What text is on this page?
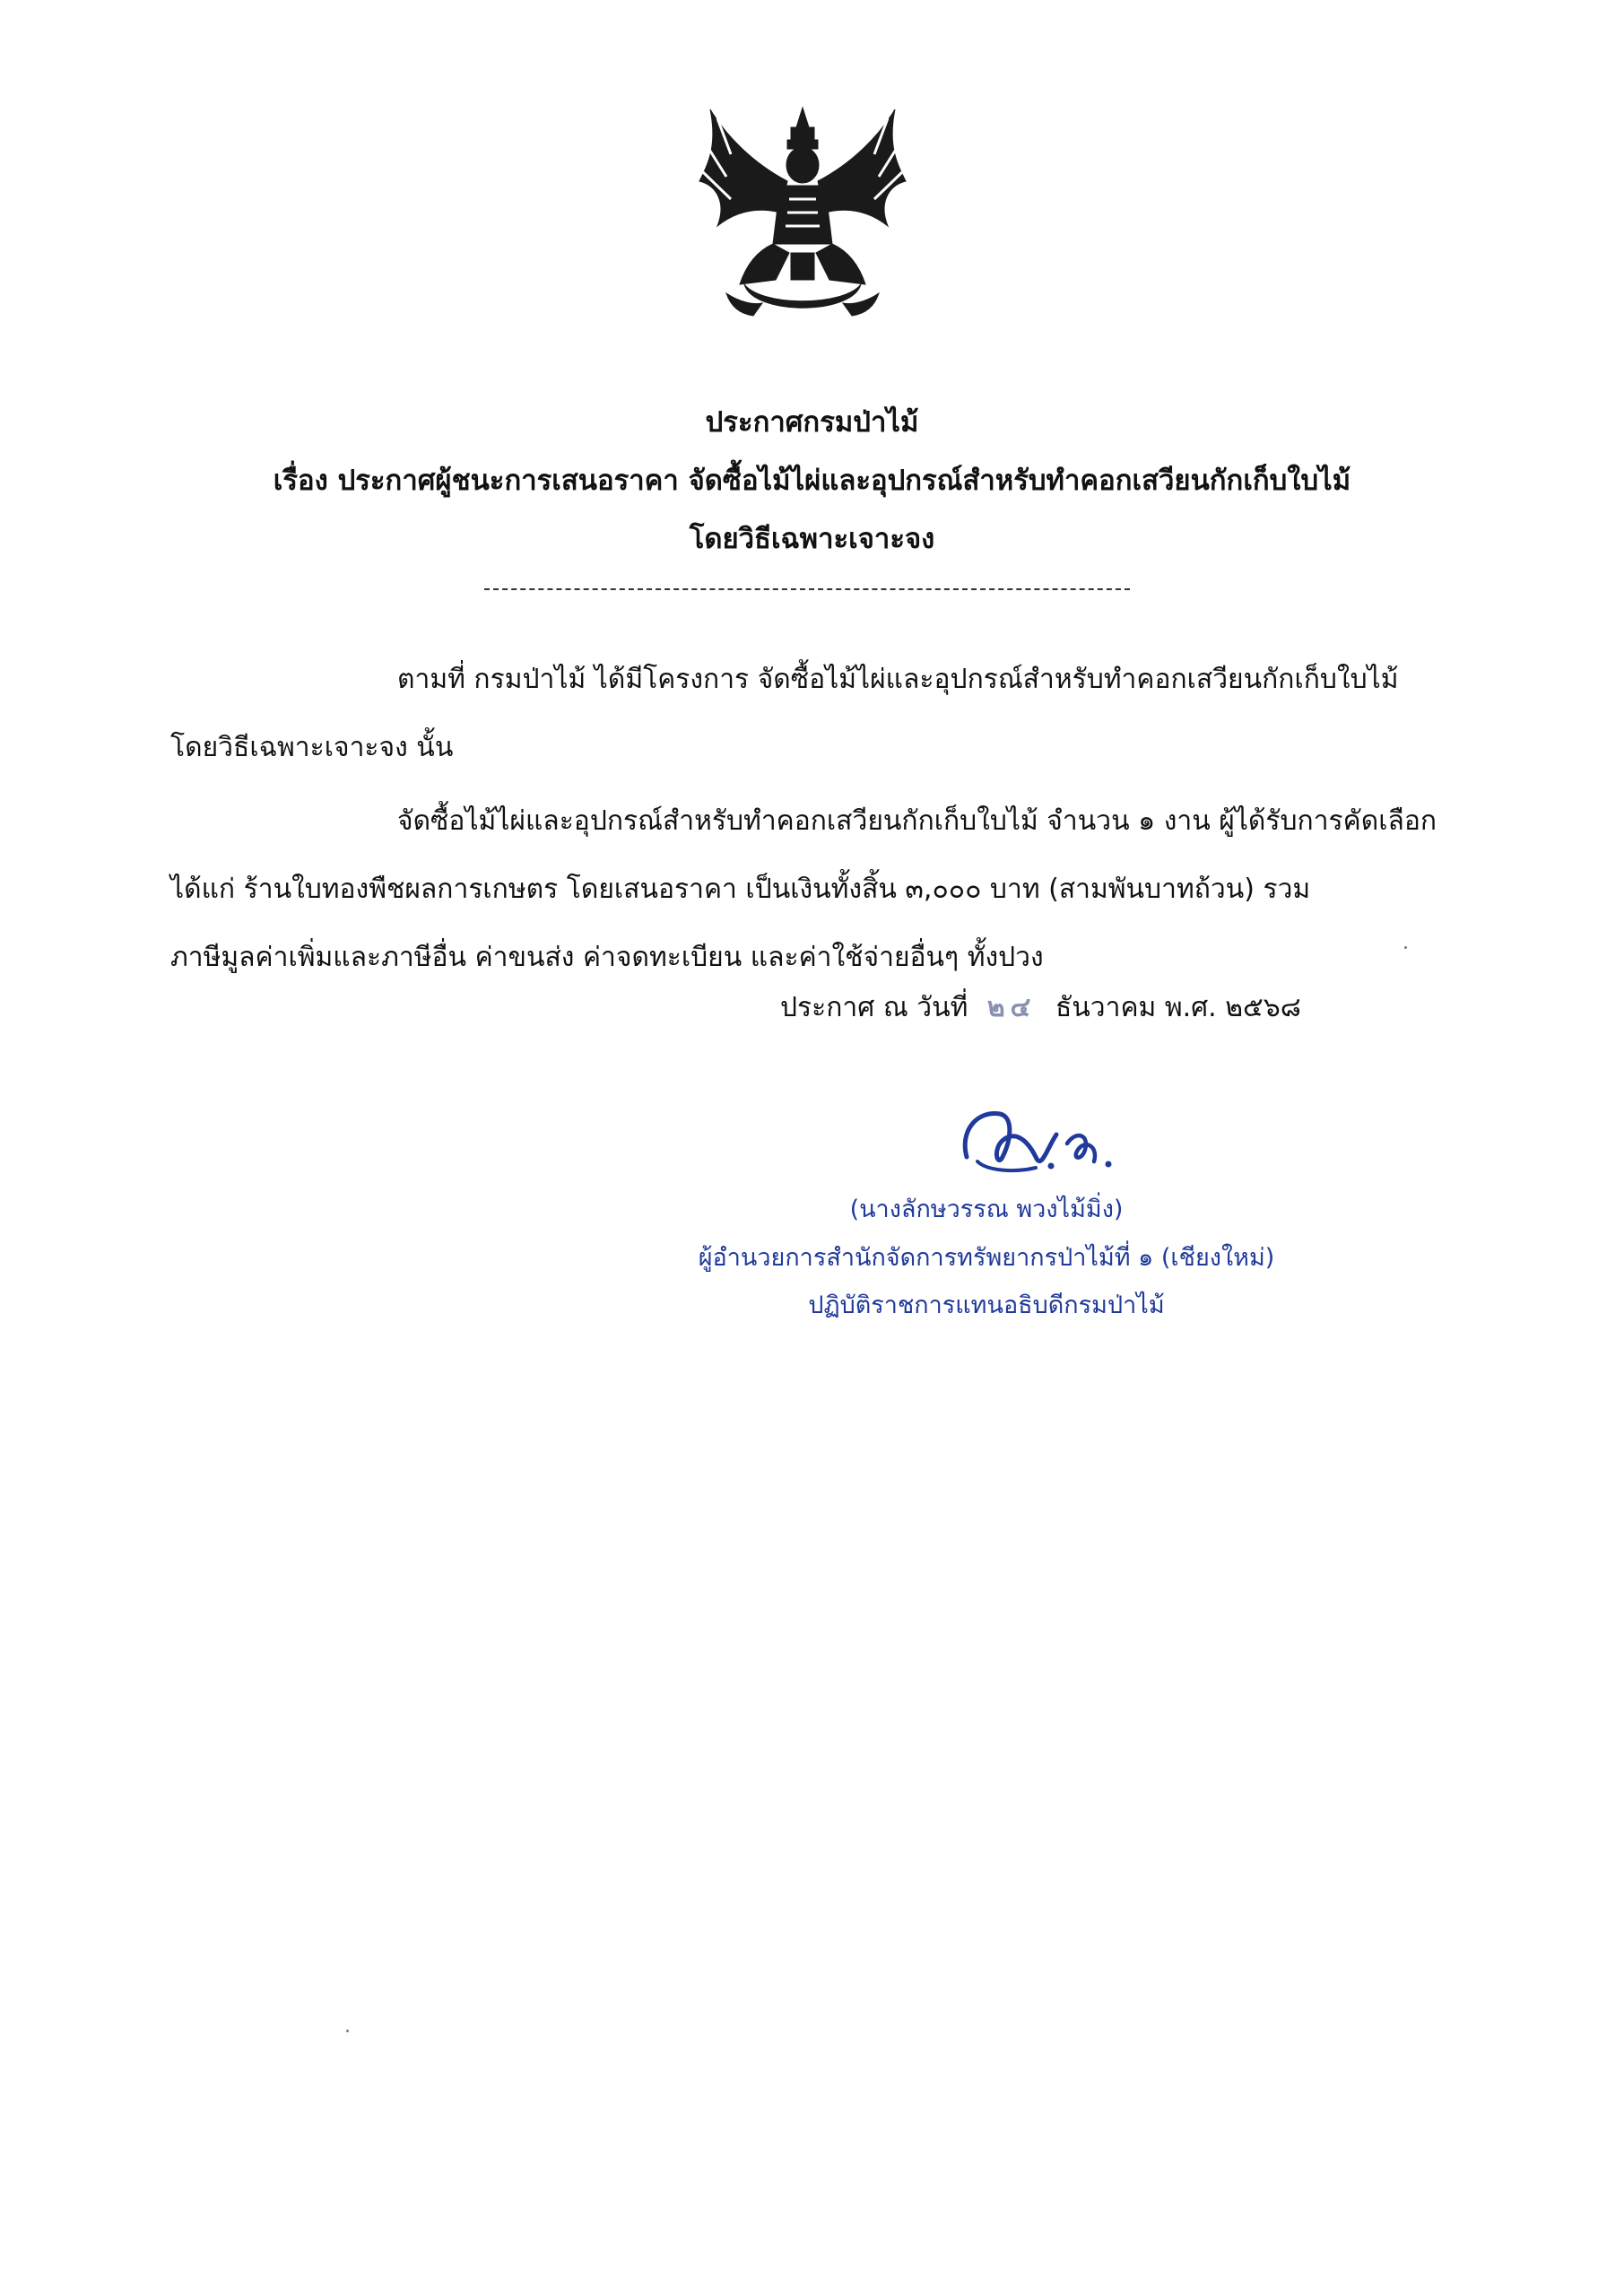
ประกาศกรมป่าไม้
เรื่อง ประกาศผู้ชนะการเสนอราคา จัดซื้อไม้ไผ่และอุปกรณ์สำหรับทำคอกเสวียนกักเก็บใบไม้
โดยวิธีเฉพาะเจาะจง
ตามที่ กรมป่าไม้ ได้มีโครงการ จัดซื้อไม้ไผ่และอุปกรณ์สำหรับทำคอกเสวียนกักเก็บใบไม้
โดยวิธีเฉพาะเจาะจง นั้น
จัดซื้อไม้ไผ่และอุปกรณ์สำหรับทำคอกเสวียนกักเก็บใบไม้ จำนวน ๑ งาน ผู้ได้รับการคัดเลือก
ได้แก่ ร้านใบทองพืชผลการเกษตร โดยเสนอราคา เป็นเงินทั้งสิ้น ๓,๐๐๐ บาท (สามพันบาทถ้วน) รวม
ภาษีมูลค่าเพิ่มและภาษีอื่น ค่าขนส่ง ค่าจดทะเบียน และค่าใช้จ่ายอื่นๆ ทั้งปวง
ประกาศ ณ วันที่ ๒๔ ธันวาคม พ.ศ. ๒๕๖๘
(นางลักษวรรณ พวงไม้มิ่ง)
ผู้อำนวยการสำนักจัดการทรัพยากรป่าไม้ที่ ๑ (เชียงใหม่)
ปฏิบัติราชการแทนอธิบดีกรมป่าไม้
